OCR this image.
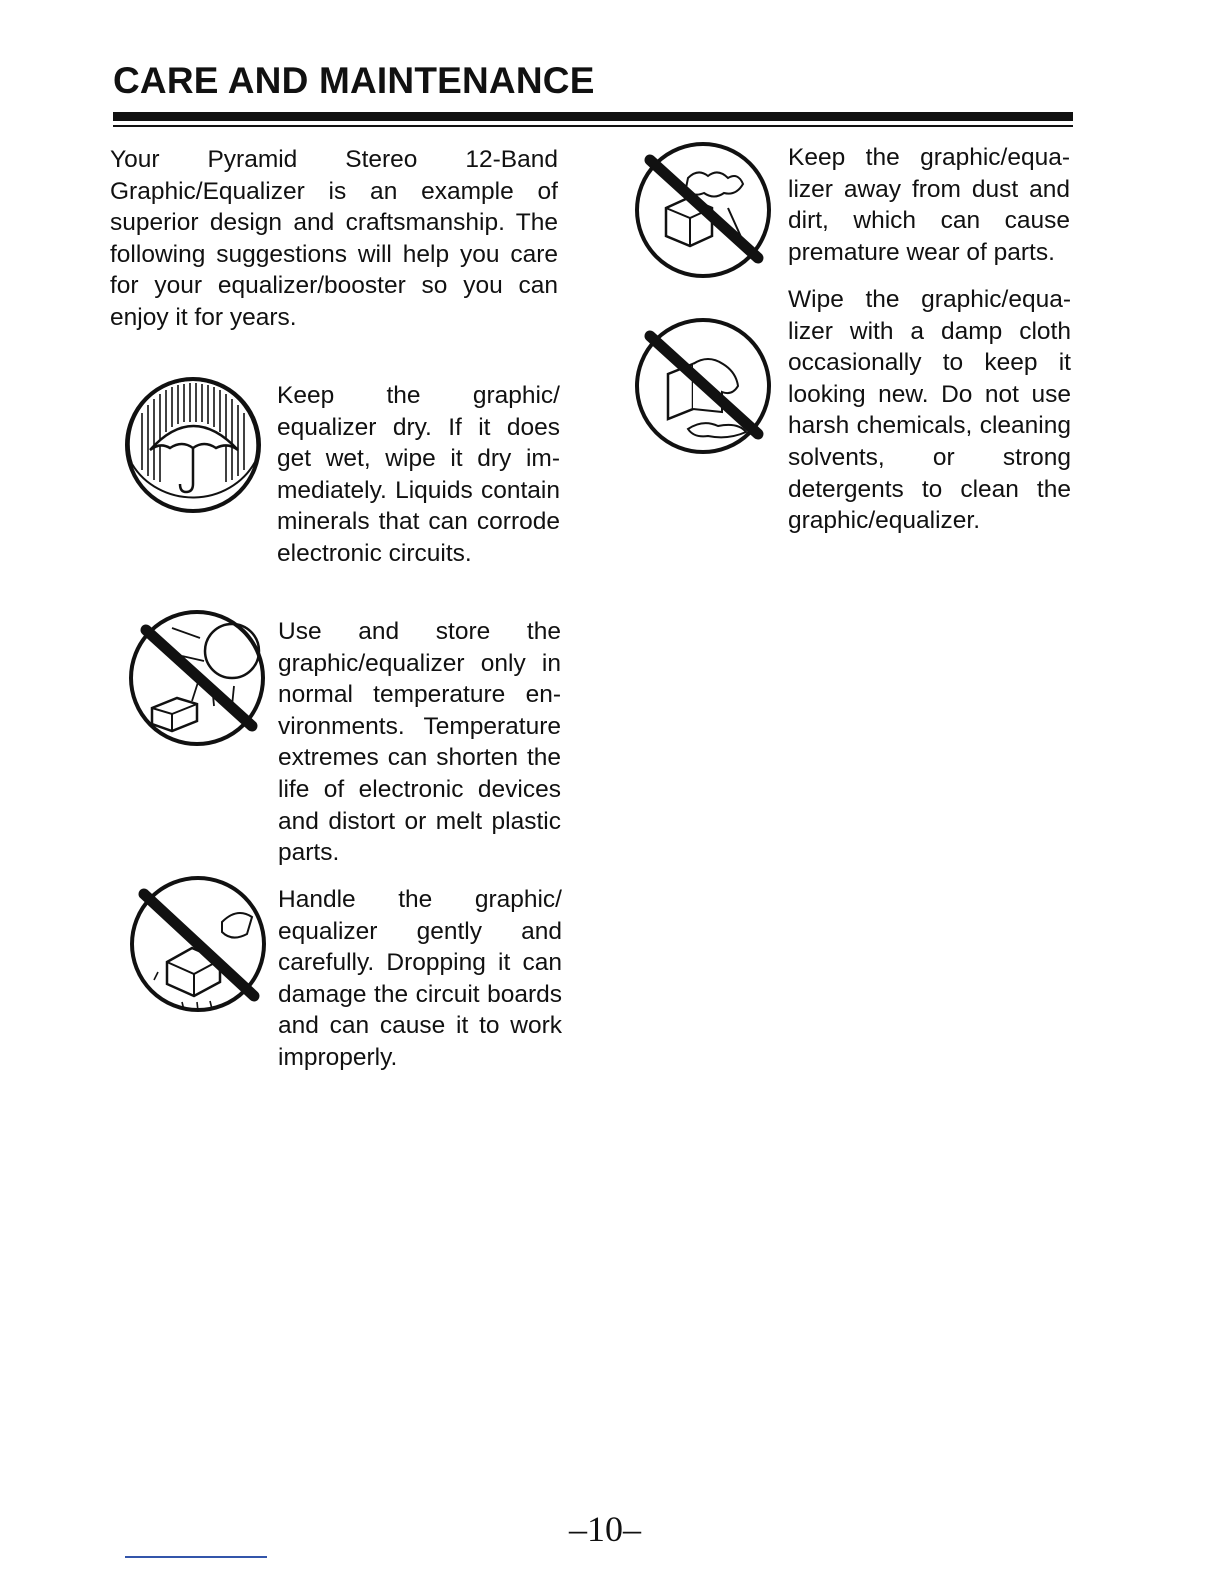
CARE AND MAINTENANCE

Your Pyramid Stereo 12-Band Graphic/Equalizer is an example of superior design and craftsmanship. The following suggestions will help you care for your equalizer/booster so you can enjoy it for years.

Keep the graphic/ equalizer dry. If it does get wet, wipe it dry immediately. Liquids contain minerals that can corrode electronic circuits.

Use and store the graphic/equalizer only in normal temperature environments. Temperature extremes can shorten the life of electronic devices and distort or melt plastic parts.

Handle the graphic/ equalizer gently and carefully. Dropping it can damage the circuit boards and can cause it to work improperly.

Keep the graphic/equalizer away from dust and dirt, which can cause premature wear of parts.

Wipe the graphic/equalizer with a damp cloth occasionally to keep it looking new. Do not use harsh chemicals, cleaning solvents, or strong detergents to clean the graphic/equalizer.

–10–
